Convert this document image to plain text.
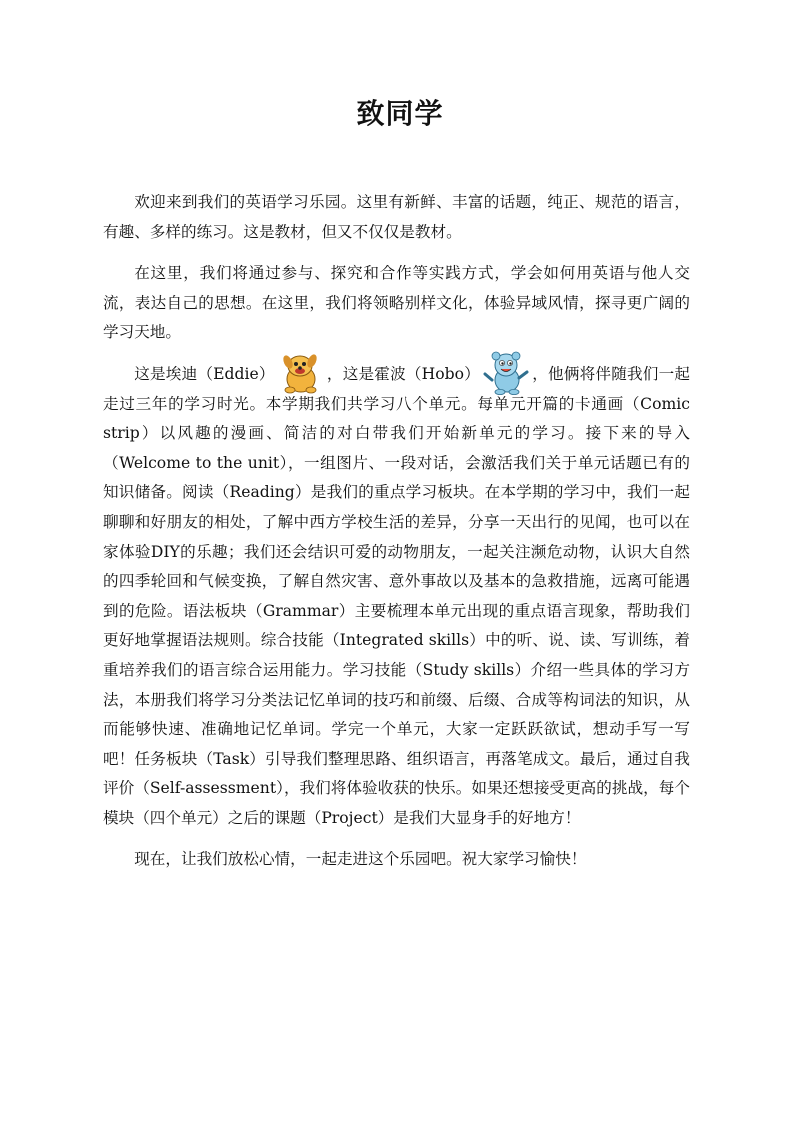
致同学

欢迎来到我们的英语学习乐园。这里有新鲜、丰富的话题，纯正、规范的语言，有趣、多样的练习。这是教材，但又不仅仅是教材。

在这里，我们将通过参与、探究和合作等实践方式，学会如何用英语与他人交流，表达自己的思想。在这里，我们将领略别样文化，体验异域风情，探寻更广阔的学习天地。

这是埃迪（Eddie）	，这是霍波（Hobo）	，他俩将伴随我们一起走过三年的学习时光。本学期我们共学习八个单元。每单元开篇的卡通画（Comic strip）以风趣的漫画、简洁的对白带我们开始新单元的学习。接下来的导入（Welcome to the unit），一组图片、一段对话，会激活我们关于单元话题已有的知识储备。阅读（Reading）是我们的重点学习板块。在本学期的学习中，我们一起聊聊和好朋友的相处，了解中西方学校生活的差异，分享一天出行的见闻，也可以在家体验DIY的乐趣；我们还会结识可爱的动物朋友，一起关注濒危动物，认识大自然的四季轮回和气候变换，了解自然灾害、意外事故以及基本的急救措施，远离可能遇到的危险。语法板块（Grammar）主要梳理本单元出现的重点语言现象，帮助我们更好地掌握语法规则。综合技能（Integrated skills）中的听、说、读、写训练，着重培养我们的语言综合运用能力。学习技能（Study skills）介绍一些具体的学习方法，本册我们将学习分类法记忆单词的技巧和前缀、后缀、合成等构词法的知识，从而能够快速、准确地记忆单词。学完一个单元，大家一定跃跃欲试，想动手写一写吧！任务板块（Task）引导我们整理思路、组织语言，再落笔成文。最后，通过自我评价（Self-assessment），我们将体验收获的快乐。如果还想接受更高的挑战，每个模块（四个单元）之后的课题（Project）是我们大显身手的好地方！

现在，让我们放松心情，一起走进这个乐园吧。祝大家学习愉快！
